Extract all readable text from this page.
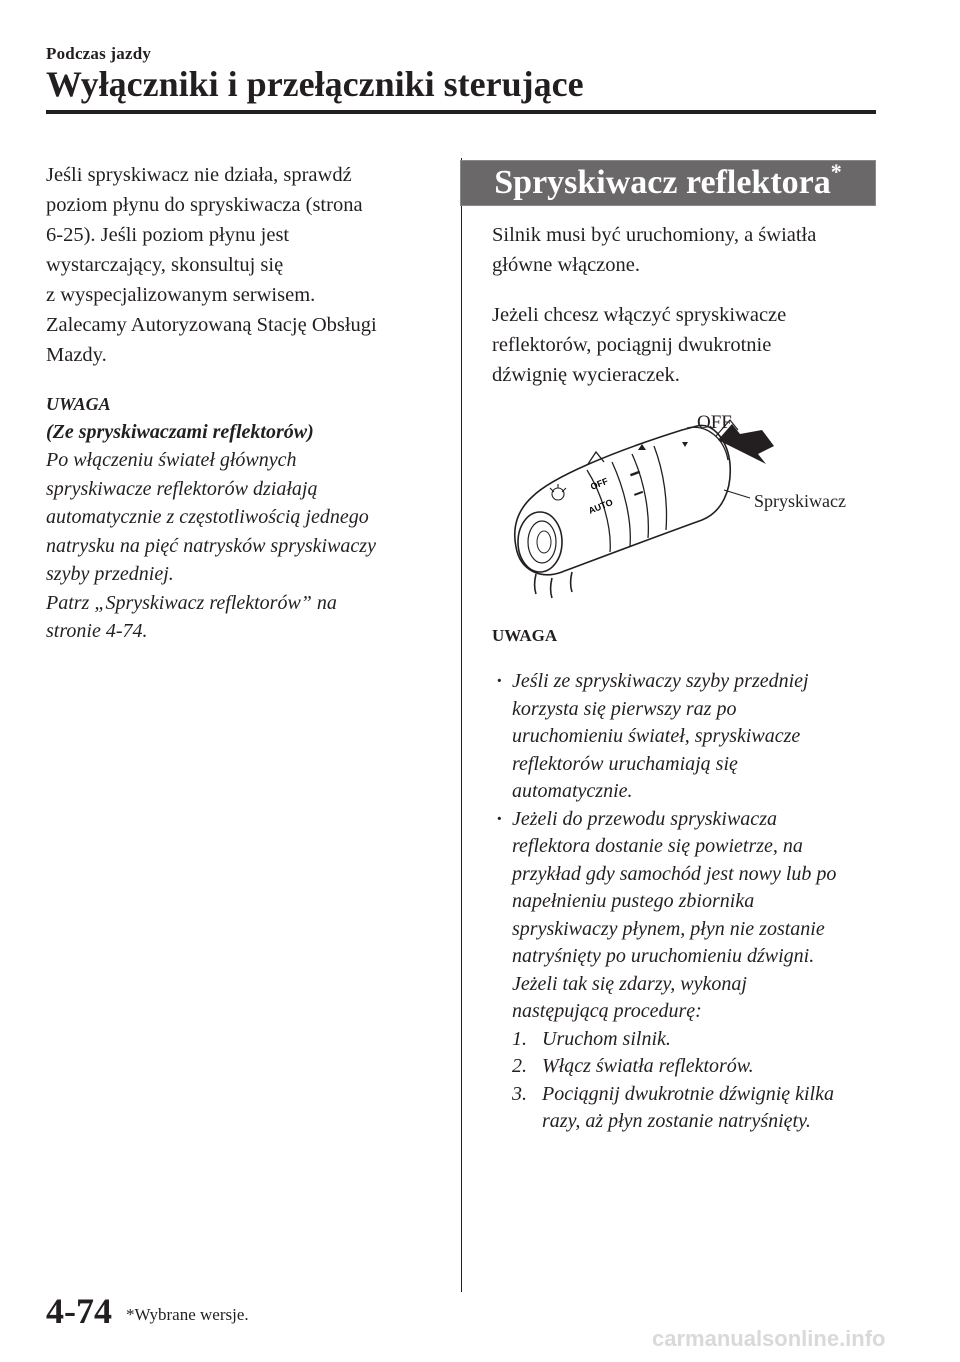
Podczas jazdy
Wyłączniki i przełączniki sterujące

Jeśli spryskiwacz nie działa, sprawdź
poziom płynu do spryskiwacza (strona
6-25). Jeśli poziom płynu jest
wystarczający, skonsultuj się
z wyspecjalizowanym serwisem.
Zalecamy Autoryzowaną Stację Obsługi
Mazdy.

UWAGA

(Ze spryskiwaczami reflektorów)

Po włączeniu świateł głównych
spryskiwacze reflektorów działają
automatycznie z częstotliwością jednego
natrysku na pięć natrysków spryskiwaczy
szyby przedniej.
Patrz „Spryskiwacz reflektorów” na
stronie 4-74.

Spryskiwacz reflektora*

Silnik musi być uruchomiony, a światła
główne włączone.

Jeżeli chcesz włączyć spryskiwacze
reflektorów, pociągnij dwukrotnie
dźwignię wycieraczek.

OFF
AUTO
OFF
Spryskiwacz

UWAGA

· Jeśli ze spryskiwaczy szyby przedniej
korzysta się pierwszy raz po
uruchomieniu świateł, spryskiwacze
reflektorów uruchamiają się
automatycznie.

· Jeżeli do przewodu spryskiwacza
reflektora dostanie się powietrze, na
przykład gdy samochód jest nowy lub po
napełnieniu pustego zbiornika
spryskiwaczy płynem, płyn nie zostanie
natryśnięty po uruchomieniu dźwigni.
Jeżeli tak się zdarzy, wykonaj
następującą procedurę:

1. Uruchom silnik.

2. Włącz światła reflektorów.

3. Pociągnij dwukrotnie dźwignię kilka
razy, aż płyn zostanie natryśnięty.

4-74 *Wybrane wersje.
carmanualsonline.info
